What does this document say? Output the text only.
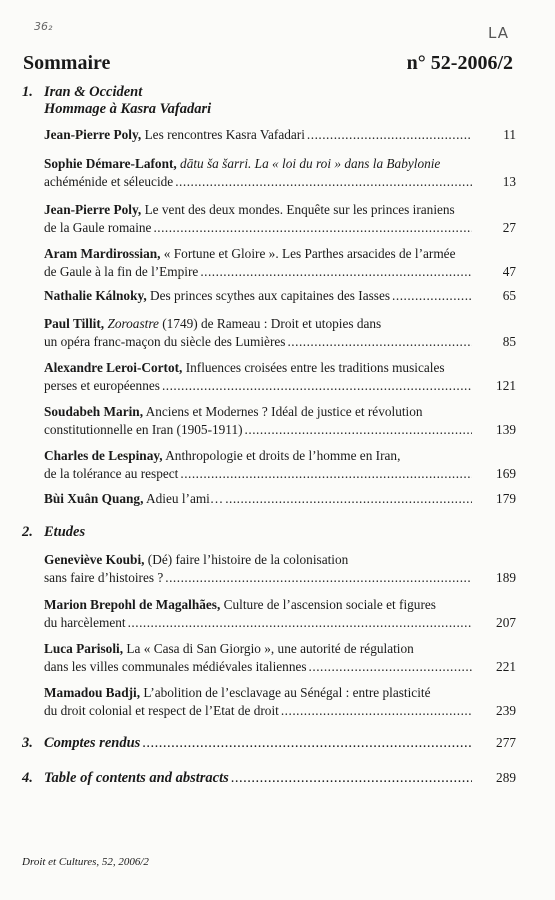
36₂	LA
Sommaire	n° 52-2006/2
1. Iran & Occident
Hommage à Kasra Vafadari
Jean-Pierre Poly, Les rencontres Kasra Vafadari .....	11
Sophie Démare-Lafont, dātu ša šarri. La « loi du roi » dans la Babylonie
achéménide et séleucide .....	13
Jean-Pierre Poly, Le vent des deux mondes. Enquête sur les princes iraniens
de la Gaule romaine .....	27
Aram Mardirossian, « Fortune et Gloire ». Les Parthes arsacides de l’armée
de Gaule à la fin de l’Empire .....	47
Nathalie Kálnoky, Des princes scythes aux capitaines des Iasses .....	65
Paul Tillit, Zoroastre (1749) de Rameau : Droit et utopies dans
un opéra franc-maçon du siècle des Lumières .....	85
Alexandre Leroi-Cortot, Influences croisées entre les traditions musicales
perses et européennes .....	121
Soudabeh Marin, Anciens et Modernes ? Idéal de justice et révolution
constitutionnelle en Iran (1905-1911) .....	139
Charles de Lespinay, Anthropologie et droits de l’homme en Iran,
de la tolérance au respect .....	169
Bùi Xuân Quang, Adieu l’ami… .....	179
2. Etudes
Geneviève Koubi, (Dé) faire l’histoire de la colonisation
sans faire d’histoires ? .....	189
Marion Brepohl de Magalhães, Culture de l’ascension sociale et figures
du harcèlement .....	207
Luca Parisoli, La « Casa di San Giorgio », une autorité de régulation
dans les villes communales médiévales italiennes .....	221
Mamadou Badji, L’abolition de l’esclavage au Sénégal : entre plasticité
du droit colonial et respect de l’Etat de droit .....	239
3. Comptes rendus .....	277
4. Table of contents and abstracts .....	289
Droit et Cultures, 52, 2006/2
